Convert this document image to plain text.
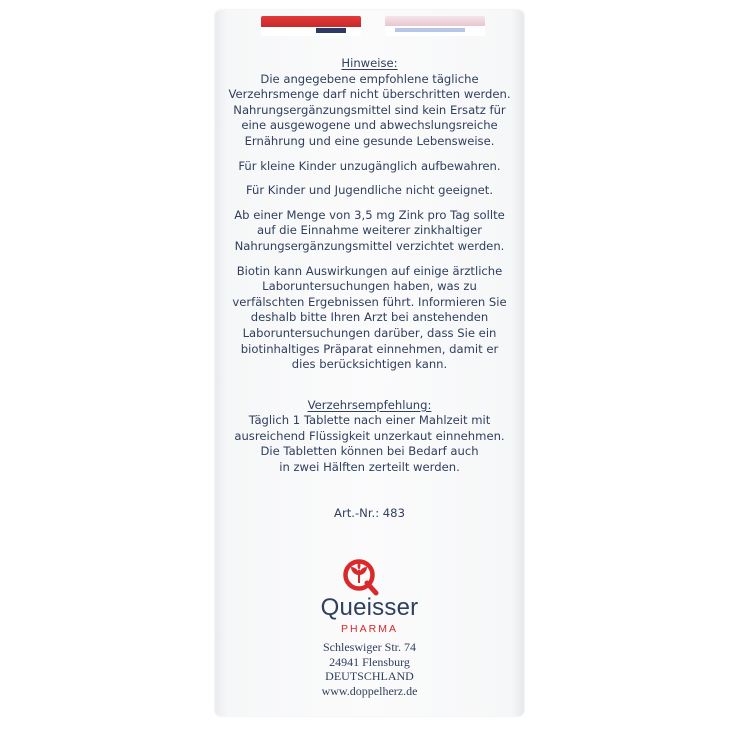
Hinweise:

Die angegebene empfohlene tägliche

Verzehrsmenge darf nicht überschritten werden.

Nahrungsergänzungsmittel sind kein Ersatz für

eine ausgewogene und abwechslungsreiche

Ernährung und eine gesunde Lebensweise.

Für kleine Kinder unzugänglich aufbewahren.

Für Kinder und Jugendliche nicht geeignet.

Ab einer Menge von 3,5 mg Zink pro Tag sollte

auf die Einnahme weiterer zinkhaltiger

Nahrungsergänzungsmittel verzichtet werden.

Biotin kann Auswirkungen auf einige ärztliche

Laboruntersuchungen haben, was zu

verfälschten Ergebnissen führt. Informieren Sie

deshalb bitte Ihren Arzt bei anstehenden

Laboruntersuchungen darüber, dass Sie ein

biotinhaltiges Präparat einnehmen, damit er

dies berücksichtigen kann.

Verzehrsempfehlung:

Täglich 1 Tablette nach einer Mahlzeit mit

ausreichend Flüssigkeit unzerkaut einnehmen.

Die Tabletten können bei Bedarf auch

in zwei Hälften zerteilt werden.

Art.-Nr.: 483

Queisser
PHARMA
Schleswiger Str. 74
24941 Flensburg
DEUTSCHLAND
www.doppelherz.de
